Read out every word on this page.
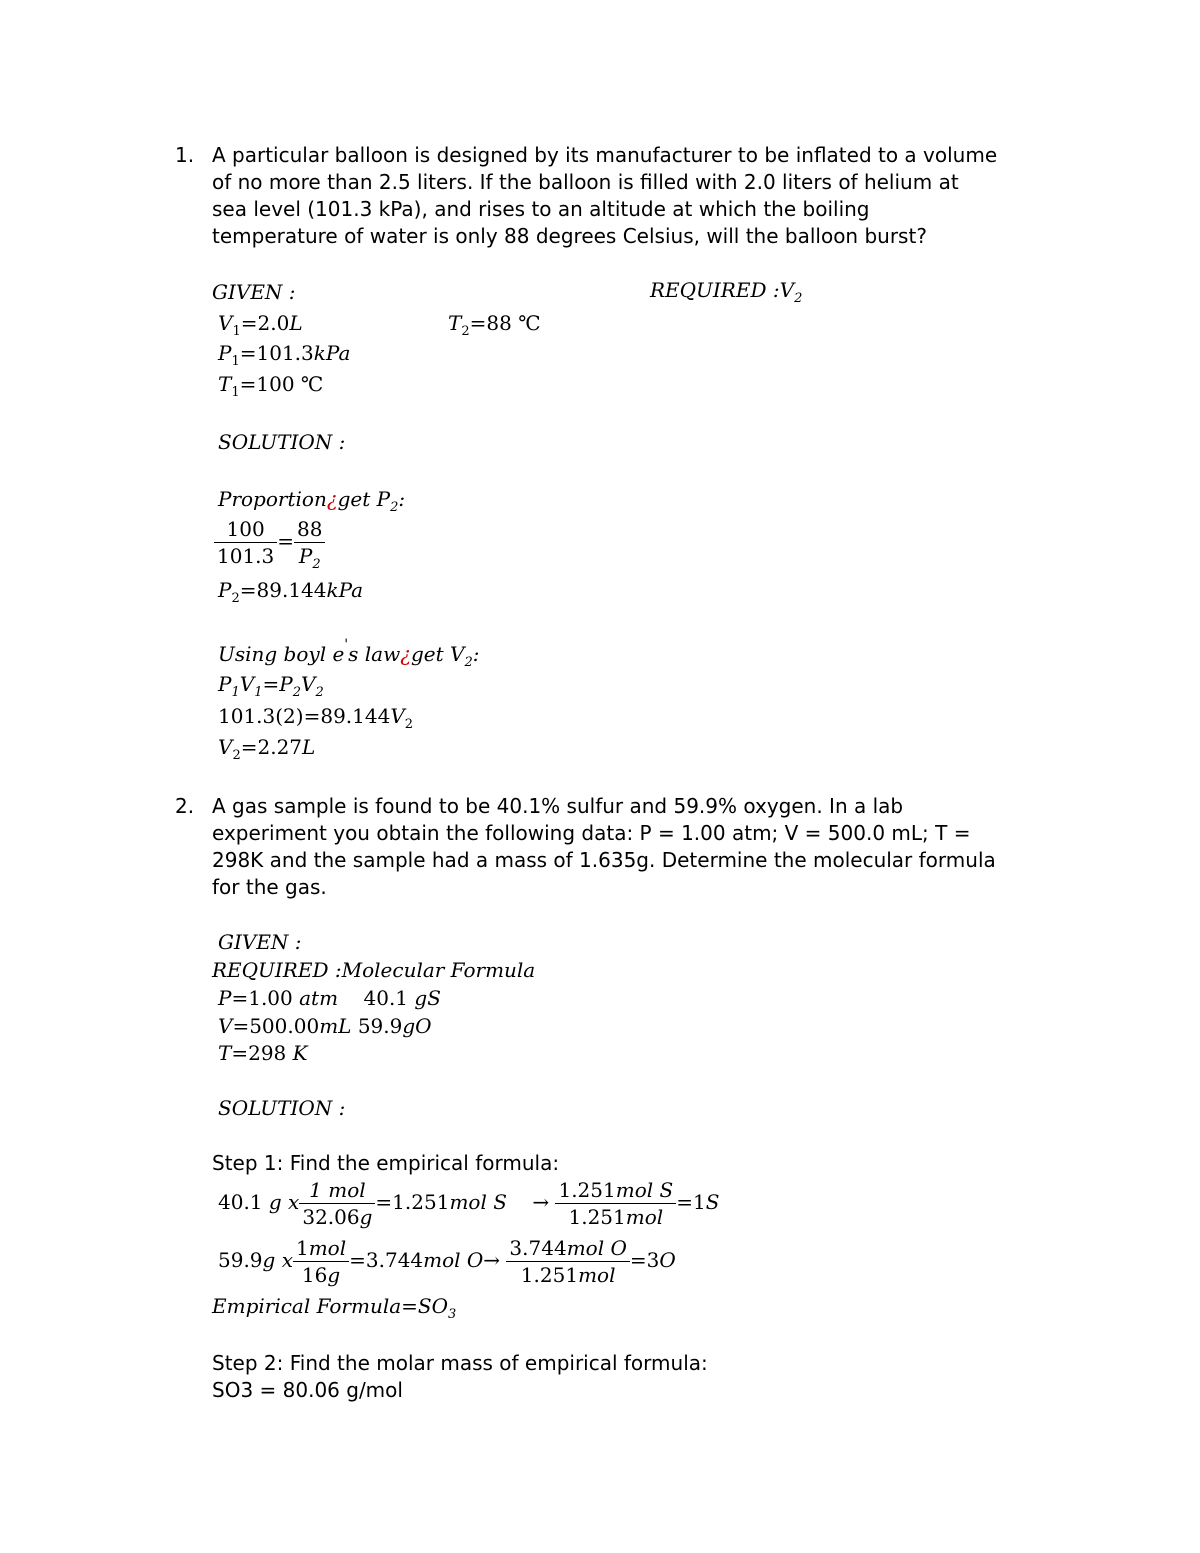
1. A particular balloon is designed by its manufacturer to be inflated to a volume
of no more than 2.5 liters. If the balloon is filled with 2.0 liters of helium at
sea level (101.3 kPa), and rises to an altitude at which the boiling
temperature of water is only 88 degrees Celsius, will the balloon burst?
GIVEN :	REQUIRED $:V_2$
$V_1=2.0L$	$T_2=88$ ℃
$P_1=101.3kPa$
$T_1=100$ ℃
SOLUTION :
Proportion¿get $P_2$:
$\frac{100}{101.3} = \frac{88}{P_2}$
$P_2=89.144kPa$
Using boyl e's law¿get $V_2$:
$P_1V_1=P_2V_2$
$101.3(2)=89.144V_2$
$V_2=2.27L$
2. A gas sample is found to be 40.1% sulfur and 59.9% oxygen. In a lab
experiment you obtain the following data: P = 1.00 atm; V = 500.0 mL; T =
298K and the sample had a mass of 1.635g. Determine the molecular formula
for the gas.
GIVEN :
REQUIRED :Molecular Formula
P=1.00 atm 40.1 gS
V=500.00mL 59.9gO
T=298 K
SOLUTION :
Step 1: Find the empirical formula:
40.1 g x $\frac{\text{1 mol}}{32.06g} =1.251mol$ $S \to \frac{\text{1.251mol S}}{\text{1.251mol}} =1S$
59.9g x $\frac{\text{1mol}}{16g} =3.744mol$ $O\to \frac{\text{3.744mol O}}{\text{1.251mol}} =3O$
Empirical $Formula=SO_3$
Step 2: Find the molar mass of empirical formula:
SO3 = 80.06 g/mol
